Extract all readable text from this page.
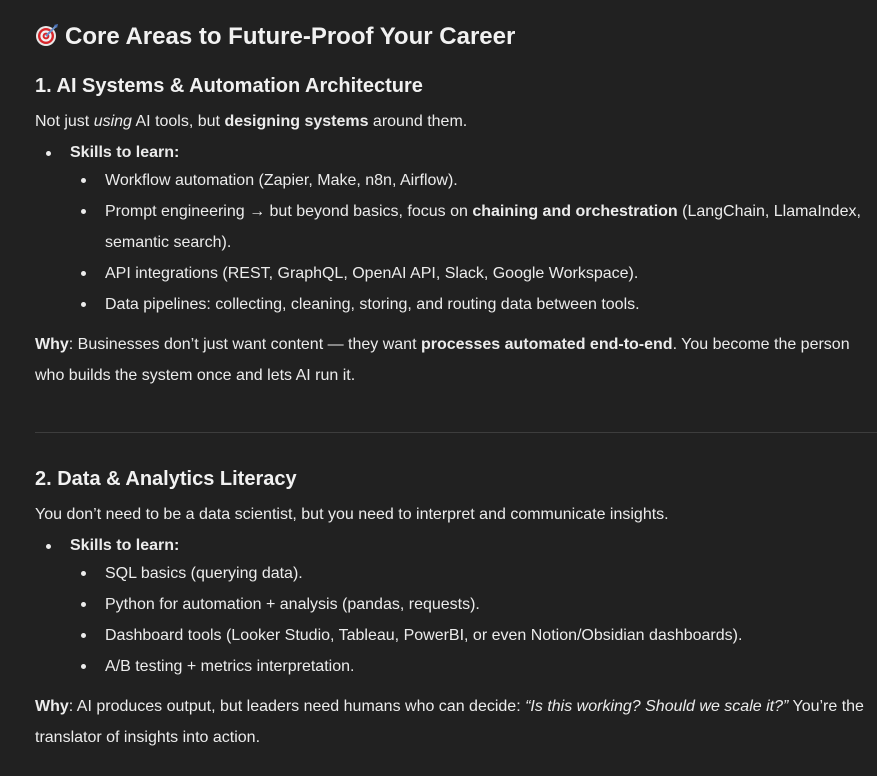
Core Areas to Future-Proof Your Career
1. AI Systems & Automation Architecture
Not just using AI tools, but designing systems around them.
Skills to learn:
Workflow automation (Zapier, Make, n8n, Airflow).
Prompt engineering → but beyond basics, focus on chaining and orchestration (LangChain, LlamaIndex, semantic search).
API integrations (REST, GraphQL, OpenAI API, Slack, Google Workspace).
Data pipelines: collecting, cleaning, storing, and routing data between tools.
Why: Businesses don’t just want content — they want processes automated end-to-end. You become the person who builds the system once and lets AI run it.
2. Data & Analytics Literacy
You don’t need to be a data scientist, but you need to interpret and communicate insights.
Skills to learn:
SQL basics (querying data).
Python for automation + analysis (pandas, requests).
Dashboard tools (Looker Studio, Tableau, PowerBI, or even Notion/Obsidian dashboards).
A/B testing + metrics interpretation.
Why: AI produces output, but leaders need humans who can decide: “Is this working? Should we scale it?” You’re the translator of insights into action.
